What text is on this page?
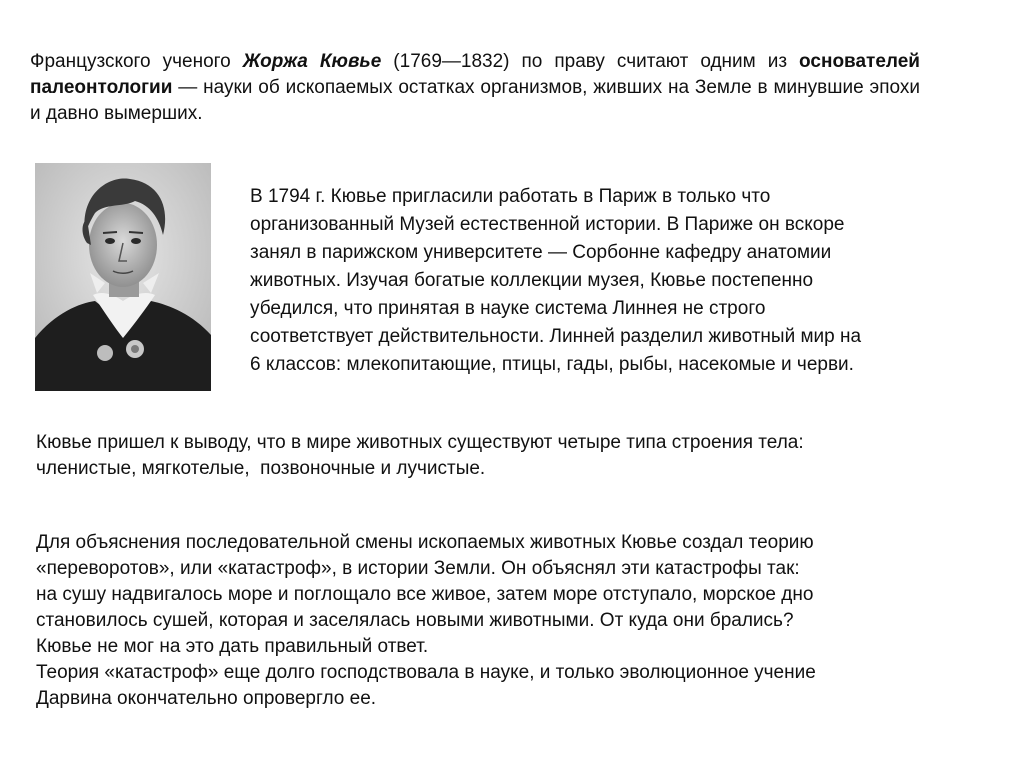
Французского ученого Жоржа Кювье (1769—1832) по праву считают одним из основателей палеонтологии — науки об ископаемых остатках организмов, живших на Земле в минувшие эпохи и давно вымерших.
В 1794 г. Кювье пригласили работать в Париж в только что
организованный Музей естественной истории. В Париже он вскоре
занял в парижском университете — Сорбонне кафедру анатомии
животных. Изучая богатые коллекции музея, Кювье постепенно
убедился, что принятая в науке система Линнея не строго
соответствует действительности. Линней разделил животный мир на
6 классов: млекопитающие, птицы, гады, рыбы, насекомые и черви.
Кювье пришел к выводу, что в мире животных существуют четыре типа строения тела:
членистые, мягкотелые,  позвоночные и лучистые.
Для объяснения последовательной смены ископаемых животных Кювье создал теорию
«переворотов», или «катастроф», в истории Земли. Он объяснял эти катастрофы так:
на сушу надвигалось море и поглощало все живое, затем море отступало, морское дно
становилось сушей, которая и заселялась новыми животными. От куда они брались?
Кювье не мог на это дать правильный ответ.
Теория «катастроф» еще долго господствовала в науке, и только эволюционное учение
Дарвина окончательно опровергло ее.
